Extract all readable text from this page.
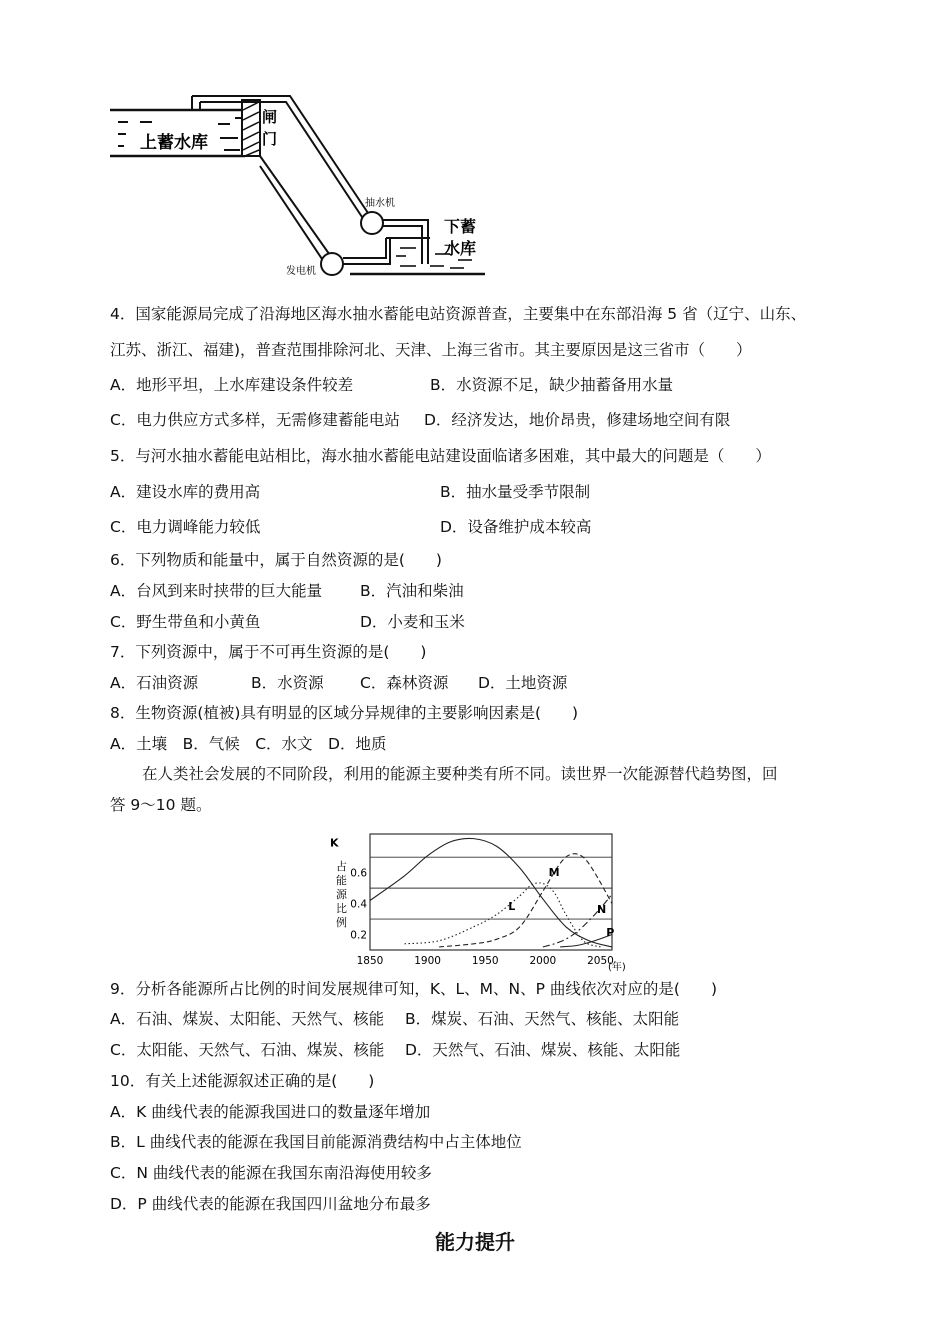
上蓄水库
闸
门
抽水机
下蓄
水库
发电机
4．国家能源局完成了沿海地区海水抽水蓄能电站资源普查，主要集中在东部沿海 5 省（辽宁、山东、
江苏、浙江、福建)，普查范围排除河北、天津、上海三省市。其主要原因是这三省市（　　）
A．地形平坦，上水库建设条件较差	B．水资源不足，缺少抽蓄备用水量
C．电力供应方式多样，无需修建蓄能电站 D．经济发达，地价昂贵，修建场地空间有限
5．与河水抽水蓄能电站相比，海水抽水蓄能电站建设面临诸多困难，其中最大的问题是（　　）
A．建设水库的费用高	B．抽水量受季节限制
C．电力调峰能力较低	D．设备维护成本较高
6．下列物质和能量中，属于自然资源的是(　　)
A．台风到来时挟带的巨大能量 B．汽油和柴油
C．野生带鱼和小黄鱼	D．小麦和玉米
7．下列资源中，属于不可再生资源的是(　　)
A．石油资源	B．水资源 C．森林资源 D．土地资源
8．生物资源(植被)具有明显的区域分异规律的主要影响因素是(　　)
A．土壤　B．气候　C．水文　D．地质
在人类社会发展的不同阶段，利用的能源主要种类有所不同。读世界一次能源替代趋势图，回
答 9～10 题。
1850	1900	1950	2000	2050
0.2
0.4
0.6
K
L
M
N
P
占能源比例
(年)
9．分析各能源所占比例的时间发展规律可知，K、L、M、N、P 曲线依次对应的是(　　)
A．石油、煤炭、太阳能、天然气、核能 B．煤炭、石油、天然气、核能、太阳能
C．太阳能、天然气、石油、煤炭、核能 D．天然气、石油、煤炭、核能、太阳能
10．有关上述能源叙述正确的是(　　)
A．K 曲线代表的能源我国进口的数量逐年增加
B．L 曲线代表的能源在我国目前能源消费结构中占主体地位
C．N 曲线代表的能源在我国东南沿海使用较多
D．P 曲线代表的能源在我国四川盆地分布最多
能力提升
